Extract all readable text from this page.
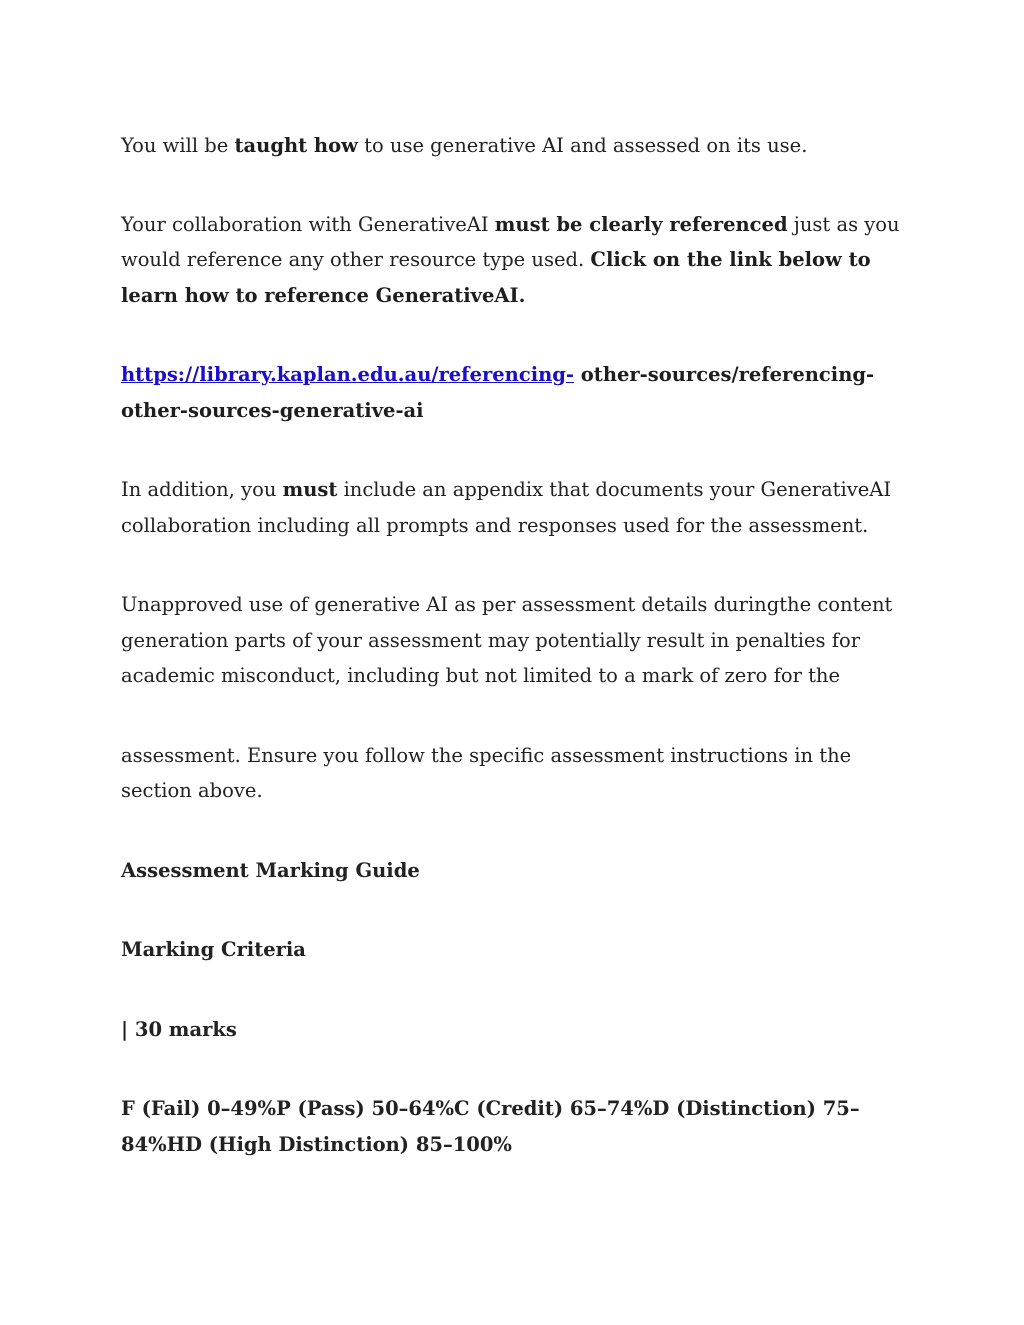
You will be taught how to use generative AI and assessed on its use.

Your collaboration with GenerativeAI must be clearly referenced just as you would reference any other resource type used. Click on the link below to learn how to reference GenerativeAI.

https://library.kaplan.edu.au/referencing- other-sources/referencing-other-sources-generative-ai

In addition, you must include an appendix that documents your GenerativeAI collaboration including all prompts and responses used for the assessment.

Unapproved use of generative AI as per assessment details duringthe content
generation parts of your assessment may potentially result in penalties for
academic misconduct, including but not limited to a mark of zero for the

assessment. Ensure you follow the specific assessment instructions in the section above.

Assessment Marking Guide

Marking Criteria

| 30 marks

F (Fail) 0–49%P (Pass) 50–64%C (Credit) 65–74%D (Distinction) 75–84%HD (High Distinction) 85–100%
